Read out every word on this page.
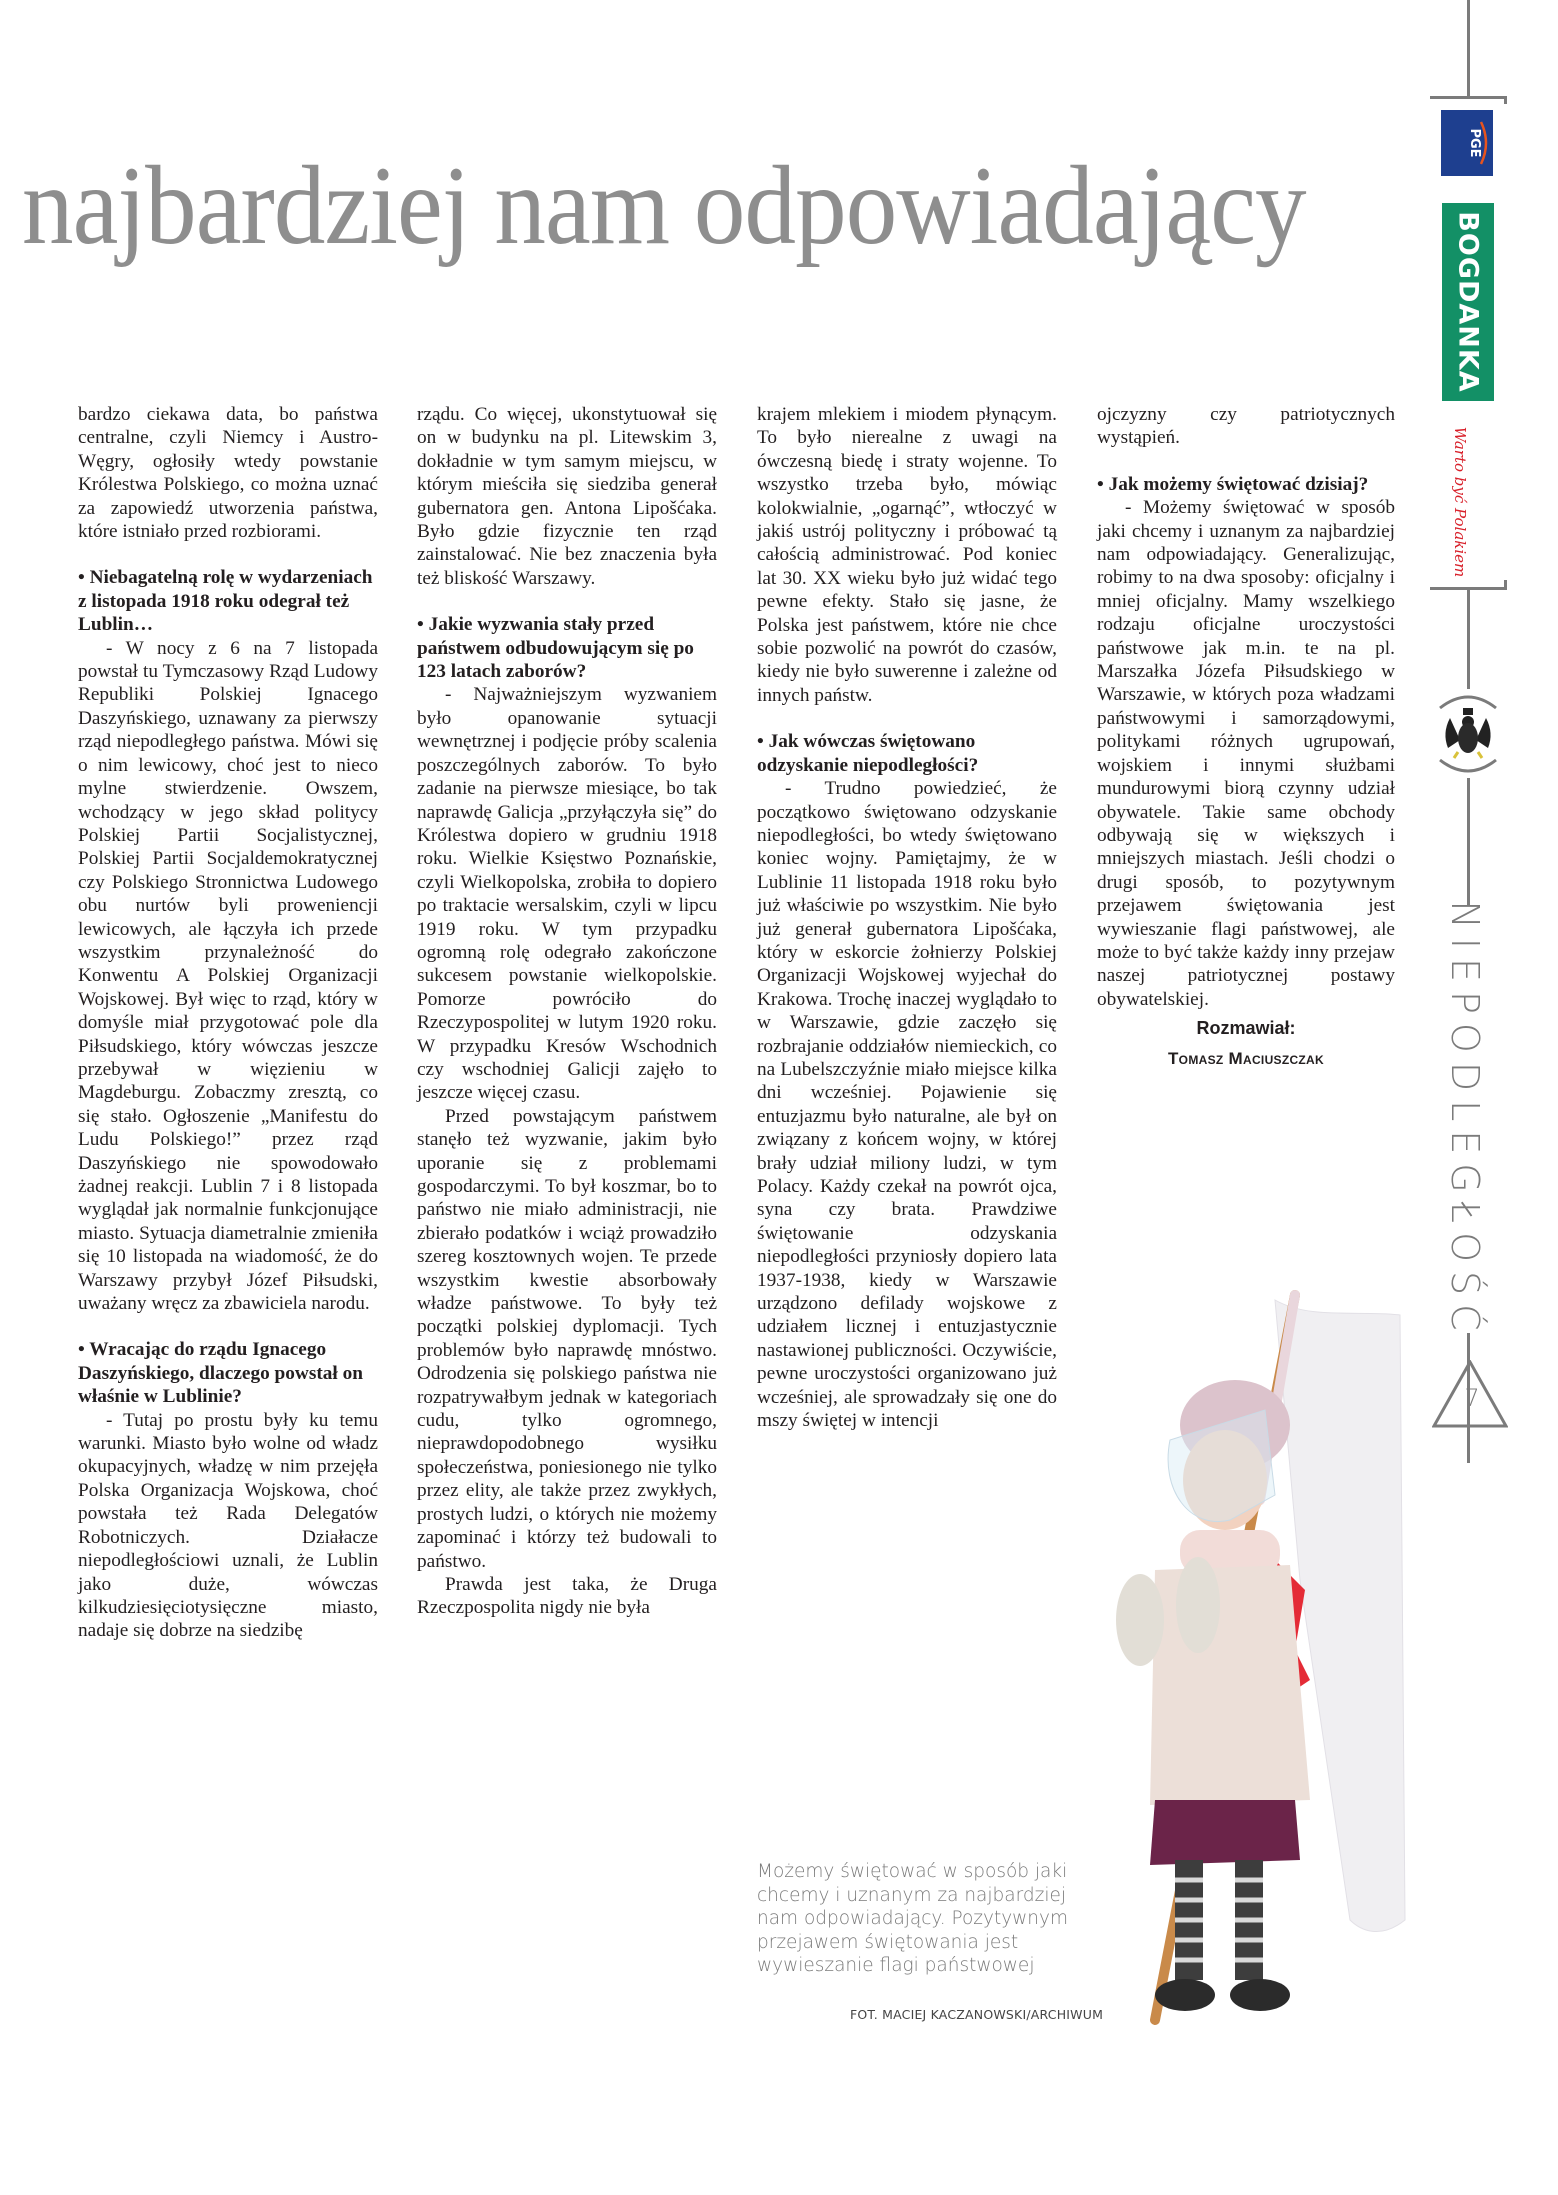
najbardziej nam odpowiadający

bardzo ciekawa data, bo państwa centralne, czyli Niemcy i Austro-Węgry, ogłosiły wtedy powstanie Królestwa Polskiego, co można uznać za zapowiedź utworzenia państwa, które istniało przed rozbiorami.

• Niebagatelną rolę w wydarzeniach z listopada 1918 roku odegrał też Lublin…

- W nocy z 6 na 7 listopada powstał tu Tymczasowy Rząd Ludowy Republiki Polskiej Ignacego Daszyńskiego, uznawany za pierwszy rząd niepodległego państwa. Mówi się o nim lewicowy, choć jest to nieco mylne stwierdzenie. Owszem, wchodzący w jego skład politycy Polskiej Partii Socjalistycznej, Polskiej Partii Socjaldemokratycznej czy Polskiego Stronnictwa Ludowego obu nurtów byli proweniencji lewicowych, ale łączyła ich przede wszystkim przynależność do Konwentu A Polskiej Organizacji Wojskowej. Był więc to rząd, który w domyśle miał przygotować pole dla Piłsudskiego, który wówczas jeszcze przebywał w więzieniu w Magdeburgu. Zobaczmy zresztą, co się stało. Ogłoszenie „Manifestu do Ludu Polskiego!” przez rząd Daszyńskiego nie spowodowało żadnej reakcji. Lublin 7 i 8 listopada wyglądał jak normalnie funkcjonujące miasto. Sytuacja diametralnie zmieniła się 10 listopada na wiadomość, że do Warszawy przybył Józef Piłsudski, uważany wręcz za zbawiciela narodu.

• Wracając do rządu Ignacego Daszyńskiego, dlaczego powstał on właśnie w Lublinie?

- Tutaj po prostu były ku temu warunki. Miasto było wolne od władz okupacyjnych, władzę w nim przejęła Polska Organizacja Wojskowa, choć powstała też Rada Delegatów Robotniczych. Działacze niepodległościowi uznali, że Lublin jako duże, wówczas kilkudziesięciotysięczne miasto, nadaje się dobrze na siedzibę

rządu. Co więcej, ukonstytuował się on w budynku na pl. Litewskim 3, dokładnie w tym samym miejscu, w którym mieściła się siedziba generał gubernatora gen. Antona Lipošćaka. Było gdzie fizycznie ten rząd zainstalować. Nie bez znaczenia była też bliskość Warszawy.

• Jakie wyzwania stały przed państwem odbudowującym się po 123 latach zaborów?

- Najważniejszym wyzwaniem było opanowanie sytuacji wewnętrznej i podjęcie próby scalenia poszczególnych zaborów. To było zadanie na pierwsze miesiące, bo tak naprawdę Galicja „przyłączyła się” do Królestwa dopiero w grudniu 1918 roku. Wielkie Księstwo Poznańskie, czyli Wielkopolska, zrobiła to dopiero po traktacie wersalskim, czyli w lipcu 1919 roku. W tym przypadku ogromną rolę odegrało zakończone sukcesem powstanie wielkopolskie. Pomorze powróciło do Rzeczypospolitej w lutym 1920 roku. W przypadku Kresów Wschodnich czy wschodniej Galicji zajęło to jeszcze więcej czasu.

Przed powstającym państwem stanęło też wyzwanie, jakim było uporanie się z problemami gospodarczymi. To był koszmar, bo to państwo nie miało administracji, nie zbierało podatków i wciąż prowadziło szereg kosztownych wojen. Te przede wszystkim kwestie absorbowały władze państwowe. To były też początki polskiej dyplomacji. Tych problemów było naprawdę mnóstwo. Odrodzenia się polskiego państwa nie rozpatrywałbym jednak w kategoriach cudu, tylko ogromnego, nieprawdopodobnego wysiłku społeczeństwa, poniesionego nie tylko przez elity, ale także przez zwykłych, prostych ludzi, o których nie możemy zapominać i którzy też budowali to państwo.

Prawda jest taka, że Druga Rzeczpospolita nigdy nie była

krajem mlekiem i miodem płynącym. To było nierealne z uwagi na ówczesną biedę i straty wojenne. To wszystko trzeba było, mówiąc kolokwialnie, „ogarnąć”, wtłoczyć w jakiś ustrój polityczny i próbować tą całością administrować. Pod koniec lat 30. XX wieku było już widać tego pewne efekty. Stało się jasne, że Polska jest państwem, które nie chce sobie pozwolić na powrót do czasów, kiedy nie było suwerenne i zależne od innych państw.

• Jak wówczas świętowano odzyskanie niepodległości?

- Trudno powiedzieć, że początkowo świętowano odzyskanie niepodległości, bo wtedy świętowano koniec wojny. Pamiętajmy, że w Lublinie 11 listopada 1918 roku było już właściwie po wszystkim. Nie było już generał gubernatora Lipošćaka, który w eskorcie żołnierzy Polskiej Organizacji Wojskowej wyjechał do Krakowa. Trochę inaczej wyglądało to w Warszawie, gdzie zaczęło się rozbrajanie oddziałów niemieckich, co na Lubelszczyźnie miało miejsce kilka dni wcześniej. Pojawienie się entuzjazmu było naturalne, ale był on związany z końcem wojny, w której brały udział miliony ludzi, w tym Polacy. Każdy czekał na powrót ojca, syna czy brata. Prawdziwe świętowanie odzyskania niepodległości przyniosły dopiero lata 1937-1938, kiedy w Warszawie urządzono defilady wojskowe z udziałem licznej i entuzjastycznie nastawionej publiczności. Oczywiście, pewne uroczystości organizowano już wcześniej, ale sprowadzały się one do mszy świętej w intencji

ojczyzny czy patriotycznych wystąpień.

• Jak możemy świętować dzisiaj?

- Możemy świętować w sposób jaki chcemy i uznanym za najbardziej nam odpowiadający. Generalizując, robimy to na dwa sposoby: oficjalny i mniej oficjalny. Mamy wszelkiego rodzaju oficjalne uroczystości państwowe jak m.in. te na pl. Marszałka Józefa Piłsudskiego w Warszawie, w których poza władzami państwowymi i samorządowymi, politykami różnych ugrupowań, wojskiem i innymi służbami mundurowymi biorą czynny udział obywatele. Takie same obchody odbywają się w większych i mniejszych miastach. Jeśli chodzi o drugi sposób, to pozytywnym przejawem świętowania jest wywieszanie flagi państwowej, ale może to być także każdy inny przejaw naszej patriotycznej postawy obywatelskiej.

Rozmawiał:
Tomasz Maciuszczak
Możemy świętować w sposób jaki chcemy i uznanym za najbardziej nam odpowiadający. Pozytywnym przejawem świętowania jest wywieszanie flagi państwowej
FOT. MACIEJ KACZANOWSKI/ARCHIWUM
PGE
BOGDANKA
Warto być Polakiem
NIEPODLEGŁOŚĆ
7
